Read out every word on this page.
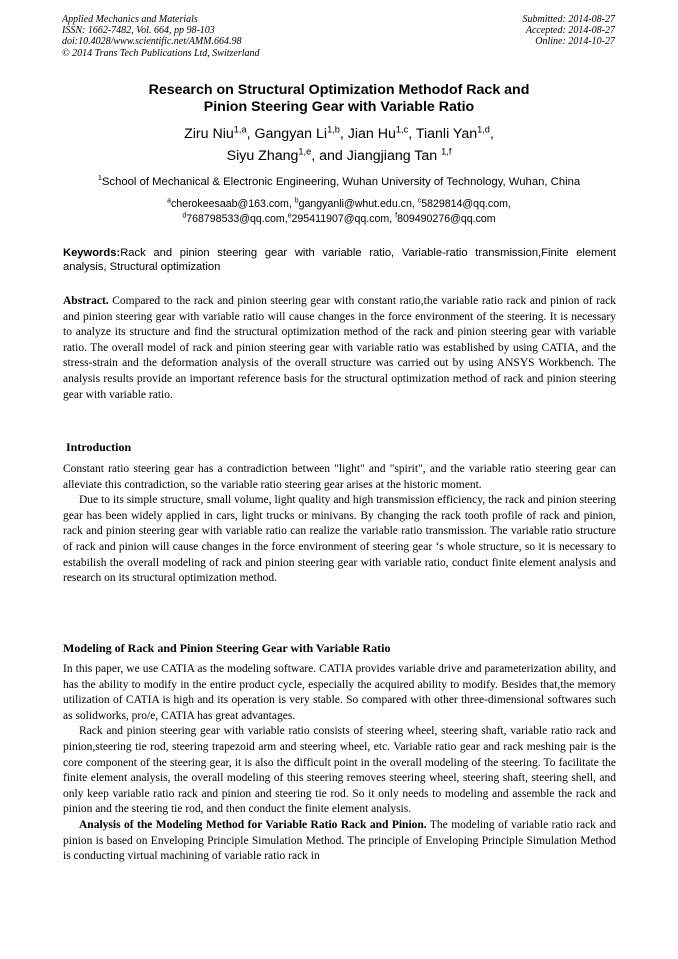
Applied Mechanics and Materials
ISSN: 1662-7482, Vol. 664, pp 98-103
doi:10.4028/www.scientific.net/AMM.664.98
© 2014 Trans Tech Publications Ltd, Switzerland
Submitted: 2014-08-27
Accepted: 2014-08-27
Online: 2014-10-27
Research on Structural Optimization Methodof Rack and
Pinion Steering Gear with Variable Ratio
Ziru Niu$^{1,a}$, Gangyan Li$^{1,b}$, Jian Hu$^{1,c}$, Tianli Yan$^{1,d}$,
Siyu Zhang$^{1,e}$, and Jiangjiang Tan $^{1,f}$
$^1$School of Mechanical & Electronic Engineering, Wuhan University of Technology, Wuhan, China
$^a$cherokeesaab@163.com, $^b$gangyanli@whut.edu.cn, $^c$5829814@qq.com,
$^d$768798533@qq.com,$^e$295411907@qq.com, $^f$809490276@qq.com
Keywords:Rack and pinion steering gear with variable ratio, Variable-ratio transmission,Finite element analysis, Structural optimization

Abstract. Compared to the rack and pinion steering gear with constant ratio,the variable ratio rack and pinion of rack and pinion steering gear with variable ratio will cause changes in the force environment of the steering. It is necessary to analyze its structure and find the structural optimization method of the rack and pinion steering gear with variable ratio. The overall model of rack and pinion steering gear with variable ratio was established by using CATIA, and the stress-strain and the deformation analysis of the overall structure was carried out by using ANSYS Workbench. The analysis results provide an important reference basis for the structural optimization method of rack and pinion steering gear with variable ratio.

Introduction

Constant ratio steering gear has a contradiction between "light" and "spirit", and the variable ratio steering gear can alleviate this contradiction, so the variable ratio steering gear arises at the historic moment.

Due to its simple structure, small volume, light quality and high transmission efficiency, the rack and pinion steering gear has been widely applied in cars, light trucks or minivans. By changing the rack tooth profile of rack and pinion, rack and pinion steering gear with variable ratio can realize the variable ratio transmission. The variable ratio structure of rack and pinion will cause changes in the force environment of steering gear ‘s whole structure, so it is necessary to estabilish the overall modeling of rack and pinion steering gear with variable ratio, conduct finite element analysis and research on its structural optimization method.

Modeling of Rack and Pinion Steering Gear with Variable Ratio

In this paper, we use CATIA as the modeling software. CATIA provides variable drive and parameterization ability, and has the ability to modify in the entire product cycle, especially the acquired ability to modify. Besides that,the memory utilization of CATIA is high and its operation is very stable. So compared with other three-dimensional softwares such as solidworks, pro/e, CATIA has great advantages.

Rack and pinion steering gear with variable ratio consists of steering wheel, steering shaft, variable ratio rack and pinion,steering tie rod, steering trapezoid arm and steering wheel, etc. Variable ratio gear and rack meshing pair is the core component of the steering gear, it is also the difficult point in the overall modeling of the steering. To facilitate the finite element analysis, the overall modeling of this steering removes steering wheel, steering shaft, steering shell, and only keep variable ratio rack and pinion and steering tie rod. So it only needs to modeling and assemble the rack and pinion and the steering tie rod, and then conduct the finite element analysis.

Analysis of the Modeling Method for Variable Ratio Rack and Pinion. The modeling of variable ratio rack and pinion is based on Enveloping Principle Simulation Method. The principle of Enveloping Principle Simulation Method is conducting virtual machining of variable ratio rack in
